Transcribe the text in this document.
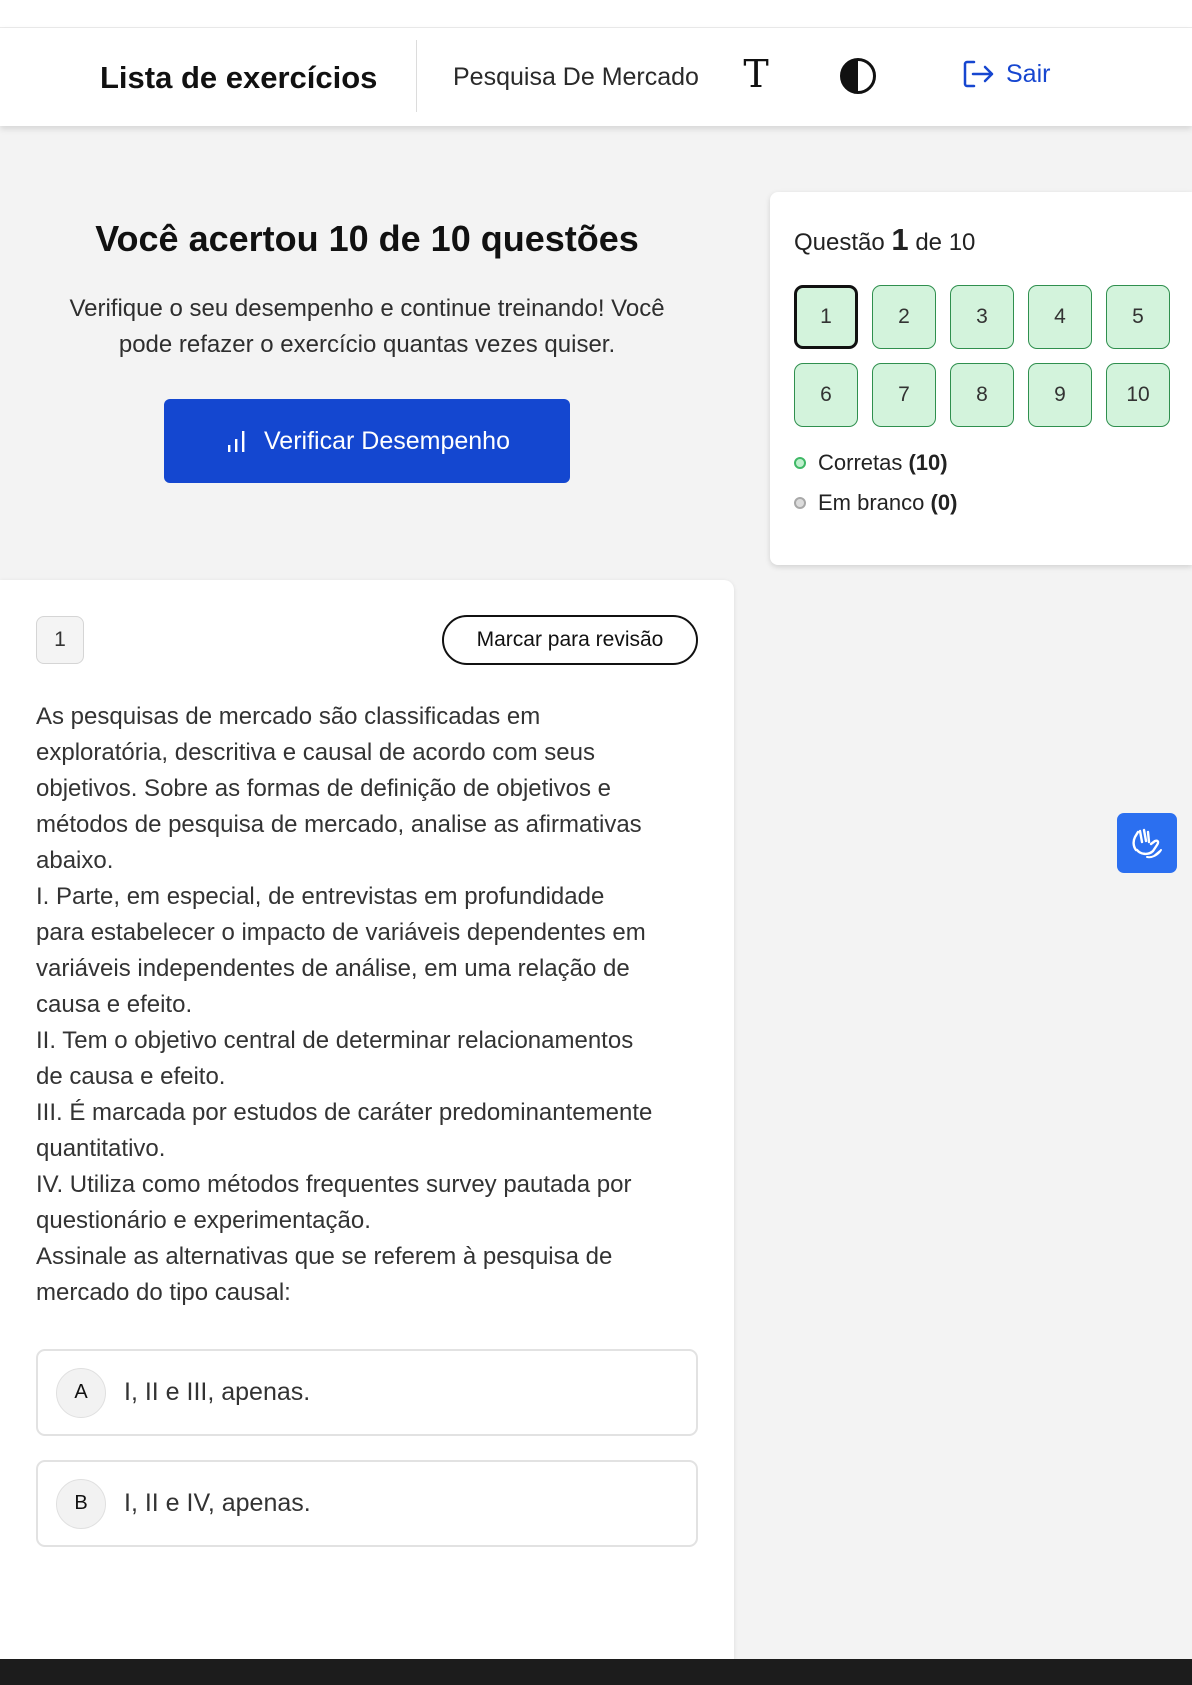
Lista de exercícios	Pesquisa De Mercado T	Sair
Você acertou 10 de 10 questões

Verifique o seu desempenho e continue treinando! Você pode refazer o exercício quantas vezes quiser.

Verificar Desempenho
Questão 1 de 10
1	2	3	4	5
6	7	8	9	10
Corretas (10)
Em branco (0)
1	Marcar para revisão
As pesquisas de mercado são classificadas em
exploratória, descritiva e causal de acordo com seus
objetivos. Sobre as formas de definição de objetivos e
métodos de pesquisa de mercado, analise as afirmativas
abaixo.
I. Parte, em especial, de entrevistas em profundidade
para estabelecer o impacto de variáveis dependentes em
variáveis independentes de análise, em uma relação de
causa e efeito.
II. Tem o objetivo central de determinar relacionamentos
de causa e efeito.
III. É marcada por estudos de caráter predominantemente
quantitativo.
IV. Utiliza como métodos frequentes survey pautada por
questionário e experimentação.
Assinale as alternativas que se referem à pesquisa de
mercado do tipo causal:
A	I, II e III, apenas.
B	I, II e IV, apenas.
